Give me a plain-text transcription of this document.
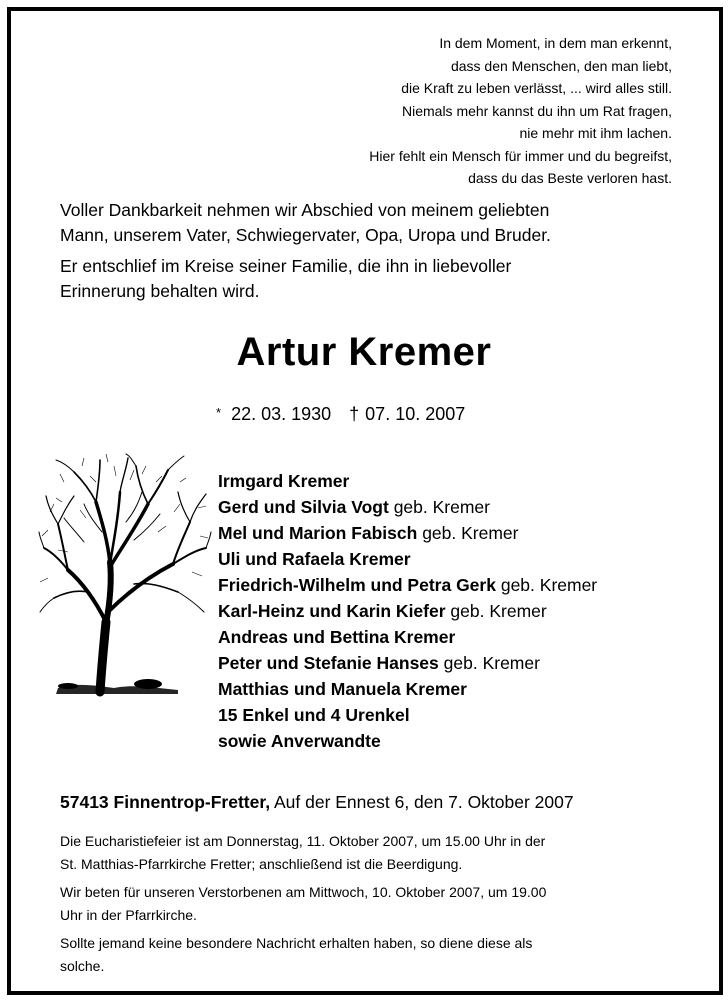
In dem Moment, in dem man erkennt,
dass den Menschen, den man liebt,
die Kraft zu leben verlässt, ... wird alles still.
Niemals mehr kannst du ihn um Rat fragen,
nie mehr mit ihm lachen.
Hier fehlt ein Mensch für immer und du begreifst,
dass du das Beste verloren hast.

Voller Dankbarkeit nehmen wir Abschied von meinem geliebten
Mann, unserem Vater, Schwiegervater, Opa, Uropa und Bruder.

Er entschlief im Kreise seiner Familie, die ihn in liebevoller
Erinnerung behalten wird.

Artur Kremer
* 22. 03. 1930 † 07. 10. 2007
Irmgard Kremer
Gerd und Silvia Vogt geb. Kremer
Mel und Marion Fabisch geb. Kremer
Uli und Rafaela Kremer
Friedrich-Wilhelm und Petra Gerk geb. Kremer
Karl-Heinz und Karin Kiefer geb. Kremer
Andreas und Bettina Kremer
Peter und Stefanie Hanses geb. Kremer
Matthias und Manuela Kremer
15 Enkel und 4 Urenkel
sowie Anverwandte
57413 Finnentrop-Fretter, Auf der Ennest 6, den 7. Oktober 2007

Die Eucharistiefeier ist am Donnerstag, 11. Oktober 2007, um 15.00 Uhr in der
St. Matthias-Pfarrkirche Fretter; anschließend ist die Beerdigung.

Wir beten für unseren Verstorbenen am Mittwoch, 10. Oktober 2007, um 19.00
Uhr in der Pfarrkirche.

Sollte jemand keine besondere Nachricht erhalten haben, so diene diese als
solche.
